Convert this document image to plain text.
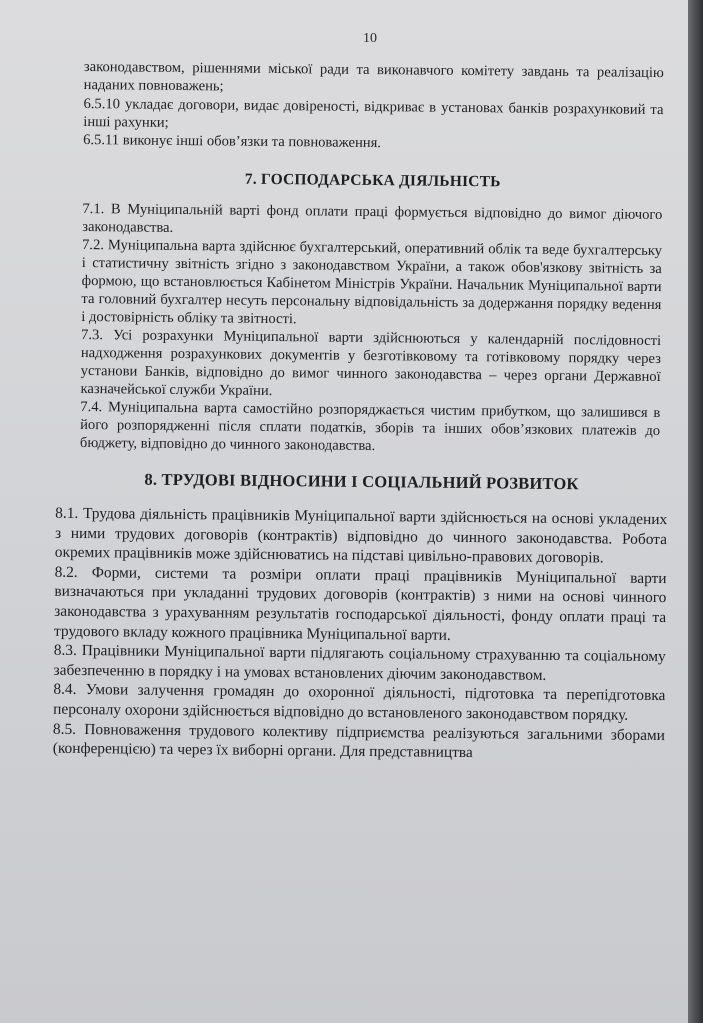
10

законодавством, рішеннями міської ради та виконавчого комітету завдань та реалізацію наданих повноважень;

6.5.10 укладає договори, видає довіреності, відкриває в установах банків розрахунковий та інші рахунки;

6.5.11 виконує інші обов’язки та повноваження.

7. ГОСПОДАРСЬКА ДІЯЛЬНІСТЬ

7.1. В Муніципальній варті фонд оплати праці формується відповідно до вимог діючого законодавства.

7.2. Муніципальна варта здійснює бухгалтерський, оперативний облік та веде бухгалтерську і статистичну звітність згідно з законодавством України, а також обов'язкову звітність за формою, що встановлюється Кабінетом Міністрів України. Начальник Муніципальної варти та головний бухгалтер несуть персональну відповідальність за додержання порядку ведення і достовірність обліку та звітності.

7.3. Усі розрахунки Муніципальної варти здійснюються у календарній послідовності надходження розрахункових документів у безготівковому та готівковому порядку через установи Банків, відповідно до вимог чинного законодавства – через органи Державної казначейської служби України.

7.4. Муніципальна варта самостійно розпоряджається чистим прибутком, що залишився в його розпорядженні після сплати податків, зборів та інших обов’язкових платежів до бюджету, відповідно до чинного законодавства.

8. ТРУДОВІ ВІДНОСИНИ І СОЦІАЛЬНИЙ РОЗВИТОК

8.1. Трудова діяльність працівників Муніципальної варти здійснюється на основі укладених з ними трудових договорів (контрактів) відповідно до чинного законодавства. Робота окремих працівників може здійснюватись на підставі цивільно-правових договорів.

8.2. Форми, системи та розміри оплати праці працівників Муніципальної варти визначаються при укладанні трудових договорів (контрактів) з ними на основі чинного законодавства з урахуванням результатів господарської діяльності, фонду оплати праці та трудового вкладу кожного працівника Муніципальної варти.

8.3. Працівники Муніципальної варти підлягають соціальному страхуванню та соціальному забезпеченню в порядку і на умовах встановлених діючим законодавством.

8.4. Умови залучення громадян до охоронної діяльності, підготовка та перепідготовка персоналу охорони здійснюється відповідно до встановленого законодавством порядку.

8.5. Повноваження трудового колективу підприємства реалізуються загальними зборами (конференцією) та через їх виборні органи. Для представництва
